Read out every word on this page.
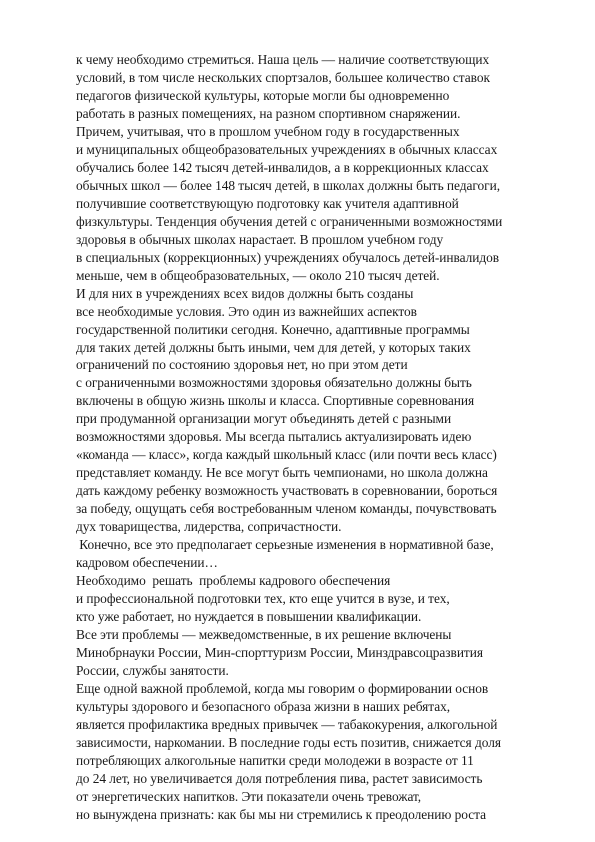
к чему необходимо стремиться. Наша цель — наличие соответствующих
условий, в том числе нескольких спортзалов, большее количество ставок
педагогов физической культуры, которые могли бы одновременно
работать в разных помещениях, на разном спортивном снаряжении.
Причем, учитывая, что в прошлом учебном году в государственных
и муниципальных общеобразовательных учреждениях в обычных классах
обучались более 142 тысяч детей-инвалидов, а в коррекционных классах
обычных школ — более 148 тысяч детей, в школах должны быть педагоги,
получившие соответствующую подготовку как учителя адаптивной
физкультуры. Тенденция обучения детей с ограниченными возможностями
здоровья в обычных школах нарастает. В прошлом учебном году
в специальных (коррекционных) учреждениях обучалось детей-инвалидов
меньше, чем в общеобразовательных, — около 210 тысяч детей.
И для них в учреждениях всех видов должны быть созданы
все необходимые условия. Это один из важнейших аспектов
государственной политики сегодня. Конечно, адаптивные программы
для таких детей должны быть иными, чем для детей, у которых таких
ограничений по состоянию здоровья нет, но при этом дети
с ограниченными возможностями здоровья обязательно должны быть
включены в общую жизнь школы и класса. Спортивные соревнования
при продуманной организации могут объединять детей с разными
возможностями здоровья. Мы всегда пытались актуализировать идею
«команда — класс», когда каждый школьный класс (или почти весь класс)
представляет команду. Не все могут быть чемпионами, но школа должна
дать каждому ребенку возможность участвовать в соревновании, бороться
за победу, ощущать себя востребованным членом команды, почувствовать
дух товарищества, лидерства, сопричастности.
Конечно, все это предполагает серьезные изменения в нормативной базе,
кадровом обеспечении…
Необходимо  решать  проблемы кадрового обеспечения
и профессиональной подготовки тех, кто еще учится в вузе, и тех,
кто уже работает, но нуждается в повышении квалификации.
Все эти проблемы — межведомственные, в их решение включены
Минобрнауки России, Мин-спорттуризм России, Минздравсоцразвития
России, службы занятости.
Еще одной важной проблемой, когда мы говорим о формировании основ
культуры здорового и безопасного образа жизни в наших ребятах,
является профилактика вредных привычек — табакокурения, алкогольной
зависимости, наркомании. В последние годы есть позитив, снижается доля
потребляющих алкогольные напитки среди молодежи в возрасте от 11
до 24 лет, но увеличивается доля потребления пива, растет зависимость
от энергетических напитков. Эти показатели очень тревожат,
но вынуждена признать: как бы мы ни стремились к преодолению роста
